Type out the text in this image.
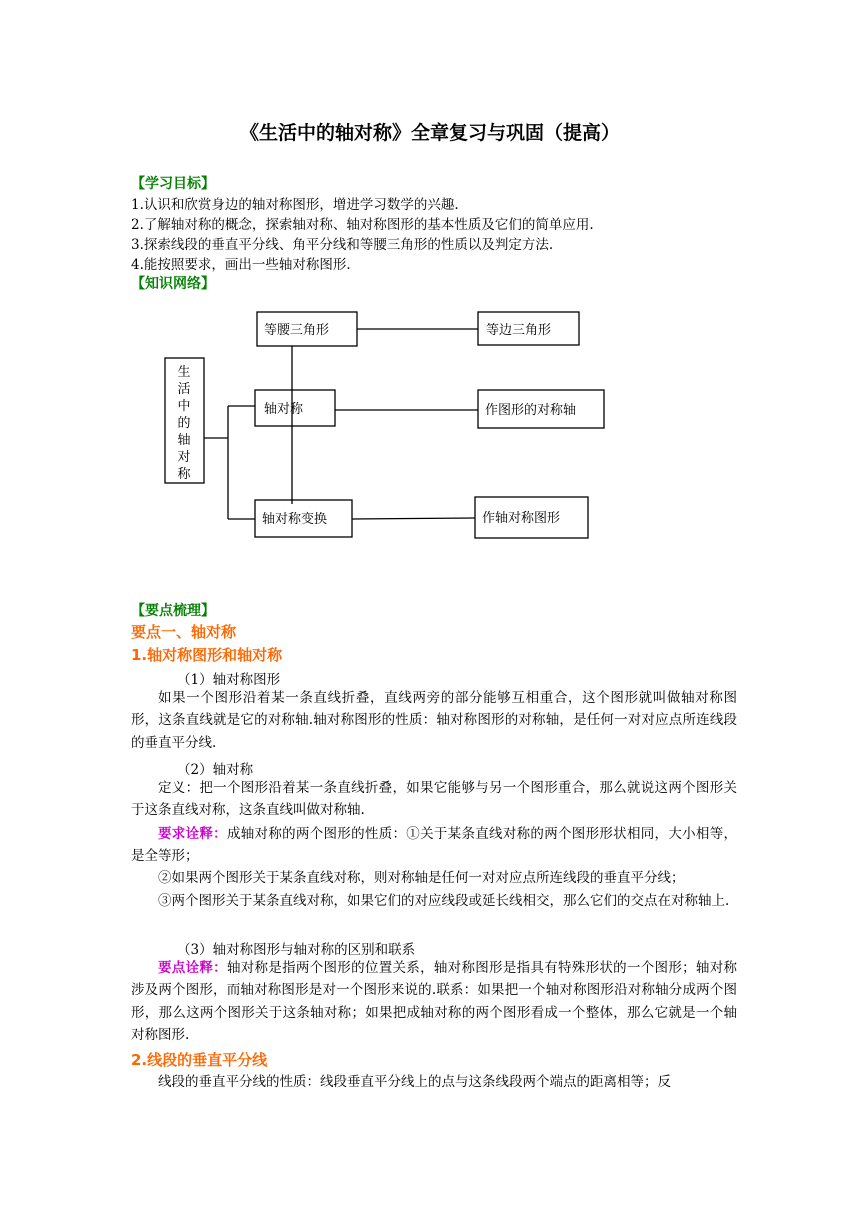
《生活中的轴对称》全章复习与巩固（提高）
【学习目标】
1.认识和欣赏身边的轴对称图形，增进学习数学的兴趣.
2.了解轴对称的概念，探索轴对称、轴对称图形的基本性质及它们的简单应用.
3.探索线段的垂直平分线、角平分线和等腰三角形的性质以及判定方法.
4.能按照要求，画出一些轴对称图形.
【知识网络】
生
活
中
的
轴
对
称
等腰三角形	等边三角形
轴对称	作图形的对称轴
轴对称变换	作轴对称图形
【要点梳理】
要点一、轴对称
1.轴对称图形和轴对称
（1）轴对称图形
如果一个图形沿着某一条直线折叠，直线两旁的部分能够互相重合，这个图形就叫做轴对称图形，这条直线就是它的对称轴.轴对称图形的性质：轴对称图形的对称轴，是任何一对对应点所连线段的垂直平分线.
（2）轴对称
定义：把一个图形沿着某一条直线折叠，如果它能够与另一个图形重合，那么就说这两个图形关于这条直线对称，这条直线叫做对称轴.
要求诠释：成轴对称的两个图形的性质：①关于某条直线对称的两个图形形状相同，大小相等，是全等形；
②如果两个图形关于某条直线对称，则对称轴是任何一对对应点所连线段的垂直平分线；
③两个图形关于某条直线对称，如果它们的对应线段或延长线相交，那么它们的交点在对称轴上.
（3）轴对称图形与轴对称的区别和联系
要点诠释：轴对称是指两个图形的位置关系，轴对称图形是指具有特殊形状的一个图形；轴对称涉及两个图形，而轴对称图形是对一个图形来说的.联系：如果把一个轴对称图形沿对称轴分成两个图形，那么这两个图形关于这条轴对称；如果把成轴对称的两个图形看成一个整体，那么它就是一个轴对称图形.
2.线段的垂直平分线
线段的垂直平分线的性质：线段垂直平分线上的点与这条线段两个端点的距离相等；反
